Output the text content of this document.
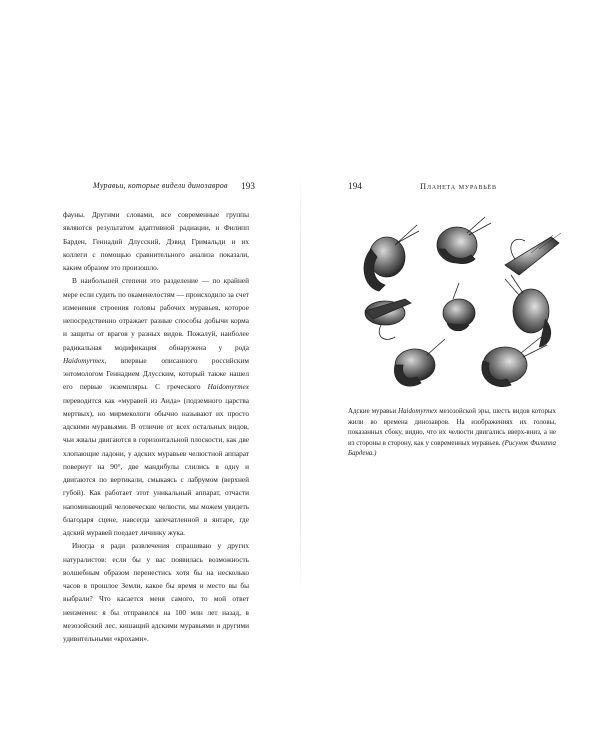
Муравьи, которые видели динозавров 193

фауны. Другими словами, все современные группы являются результатом адаптивной радиации, и Филипп Барден, Геннадий Длусский, Дэвид Гримальди и их коллеги с помощью сравнительного анализа показали, каким образом это произошло.

В наибольшей степени это разделение — по крайней мере если судить по окаменелостям — происходило за счет изменения строения головы рабочих муравьев, которое непосредственно отражает разные способы добычи корма и защиты от врагов у разных видов. Пожалуй, наиболее радикальная модификация обнаружена у рода Haidomyrmex, впервые описанного российским энтомологом Геннадием Длусским, который также нашел его первые экземпляры. С греческого Haidomyrmex переводится как «муравей из Аида» (подземного царства мертвых), но мирмекологи обычно называют их просто адскими муравьями. В отличие от всех остальных видов, чьи жвалы двигаются в горизонтальной плоскости, как две хлопающие ладони, у адских муравьев челюстной аппарат повернут на 90°, две мандибулы слились в одну и двигаются по вертикали, смыкаясь с лабрумом (верхней губой). Как работает этот уникальный аппарат, отчасти напоминающий человеческие челюсти, мы можем увидеть благодаря сцене, навсегда запечатленной в янтаре, где адский муравей поедает личинку жука.

Иногда я ради развлечения спрашиваю у других натуралистов: если бы у вас появилась возможность волшебным образом перенестись хотя бы на несколько часов в прошлое Земли, какое бы время и место вы бы выбрали? Что касается меня самого, то мой ответ неизменен: я бы отправился на 100 млн лет назад, в мезозойский лес, кишащий адскими муравьями и другими удивительными «крохами».

194	Планета муравьёв
Адские муравьи Haidomyrmex мезозойской эры, шесть видов которых жили во времена динозавров. На изображениях их головы, показанных сбоку, видно, что их челюсти двигались вверх-вниз, а не из стороны в сторону, как у современных муравьев. (Рисунок Филиппа Бардена.)
